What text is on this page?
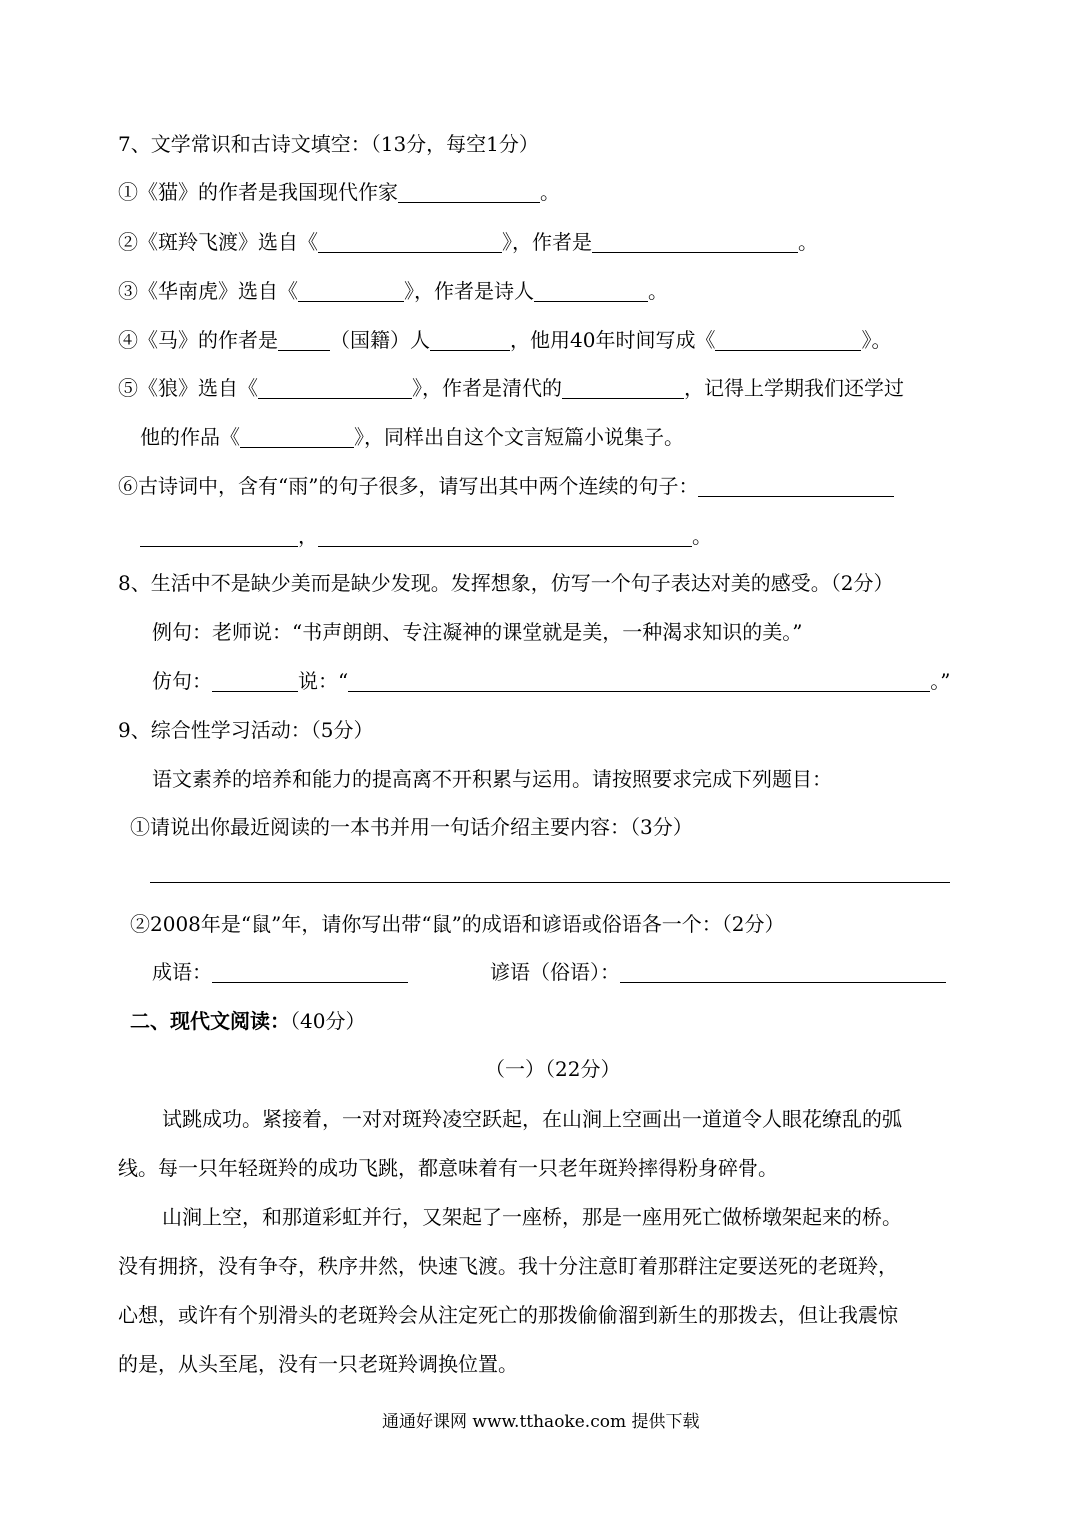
7、文学常识和古诗文填空：（13分，每空1分）
①《猫》的作者是我国现代作家	。
②《斑羚飞渡》选自《	》，作者是	。
③《华南虎》选自《	》，作者是诗人	。
④《马》的作者是	（国籍）人	，他用40年时间写成《	》。
⑤《狼》选自《	》，作者是清代的	，记得上学期我们还学过
他的作品《	》，同样出自这个文言短篇小说集子。
⑥古诗词中，含有“雨”的句子很多，请写出其中两个连续的句子：
，	。
8、生活中不是缺少美而是缺少发现。发挥想象，仿写一个句子表达对美的感受。（2分）
例句：老师说：“书声朗朗、专注凝神的课堂就是美，一种渴求知识的美。”
仿句：	说：“	。”
9、综合性学习活动：（5分）
语文素养的培养和能力的提高离不开积累与运用。请按照要求完成下列题目：
①请说出你最近阅读的一本书并用一句话介绍主要内容：（3分）
②2008年是“鼠”年，请你写出带“鼠”的成语和谚语或俗语各一个：（2分）
成语：	谚语（俗语）：
二、现代文阅读：（40分）
（一）（22分）
试跳成功。紧接着，一对对斑羚凌空跃起，在山涧上空画出一道道令人眼花缭乱的弧
线。每一只年轻斑羚的成功飞跳，都意味着有一只老年斑羚摔得粉身碎骨。
山涧上空，和那道彩虹并行，又架起了一座桥，那是一座用死亡做桥墩架起来的桥。
没有拥挤，没有争夺，秩序井然，快速飞渡。我十分注意盯着那群注定要送死的老斑羚，
心想，或许有个别滑头的老斑羚会从注定死亡的那拨偷偷溜到新生的那拨去，但让我震惊
的是，从头至尾，没有一只老斑羚调换位置。
通通好课网 www.tthaoke.com 提供下载
